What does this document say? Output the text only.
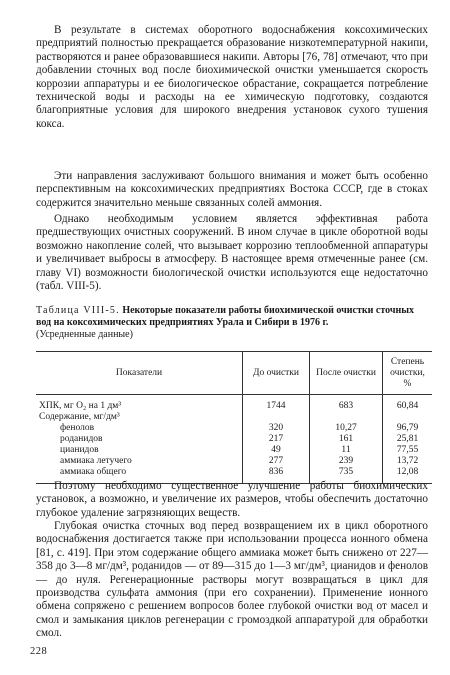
В результате в системах оборотного водоснабжения коксохимических предприятий полностью прекращается образование низкотемпературной накипи, растворяются и ранее образовавшиеся накипи. Авторы [76, 78] отмечают, что при добавлении сточных вод после биохимической очистки уменьшается скорость коррозии аппаратуры и ее биологическое обрастание, сокращается потребление технической воды и расходы на ее химическую подготовку, создаются благоприятные условия для широкого внедрения установок сухого тушения кокса.

Эти направления заслуживают большого внимания и может быть особенно перспективным на коксохимических предприятиях Востока СССР, где в стоках содержится значительно меньше связанных солей аммония.

Однако необходимым условием является эффективная работа предшествующих очистных сооружений. В ином случае в цикле оборотной воды возможно накопление солей, что вызывает коррозию теплообменной аппаратуры и увеличивает выбросы в атмосферу. В настоящее время отмеченные ранее (см. главу VI) возможности биологической очистки используются еще недостаточно (табл. VIII-5).

Таблица VIII-5. Некоторые показатели работы биохимической очистки сточных вод на коксохимических предприятиях Урала и Сибири в 1976 г.
(Усредненные данные)
Показатели	До очистки	После очистки	Степень очистки, %
ХПК, мг О₂ на 1 дм³	1744	683	60,84
Содержание, мг/дм³			
фенолов	320	10,27	96,79
роданидов	217	161	25,81
цианидов	49	11	77,55
аммиака летучего	277	239	13,72
аммиака общего	836	735	12,08

Поэтому необходимо существенное улучшение работы биохимических установок, а возможно, и увеличение их размеров, чтобы обеспечить достаточно глубокое удаление загрязняющих веществ.

Глубокая очистка сточных вод перед возвращением их в цикл оборотного водоснабжения достигается также при использовании процесса ионного обмена [81, с. 419]. При этом содержание общего аммиака может быть снижено от 227—358 до 3—8 мг/дм³, роданидов — от 89—315 до 1—3 мг/дм³, цианидов и фенолов — до нуля. Регенерационные растворы могут возвращаться в цикл для производства сульфата аммония (при его сохранении). Применение ионного обмена сопряжено с решением вопросов более глубокой очистки вод от масел и смол и замыкания циклов регенерации с громоздкой аппаратурой для обработки смол.

228
